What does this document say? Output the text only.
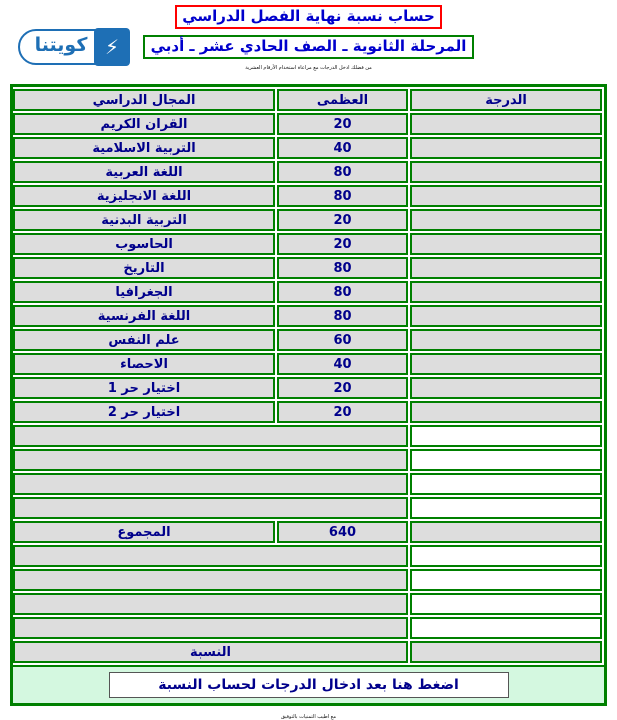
كويتنا ⚡
حساب نسبة نهاية الفصل الدراسي
المرحلة الثانوية ـ الصف الحادي عشر ـ أدبي
من فضلك ادخل الدرجات مع مراعاة استخدام الأرقام العشرية
الدرجة	العظمى	المجال الدراسي
	20	القران الكريم
	40	التربية الاسلامية
	80	اللغة العربية
	80	اللغة الانجليزية
	20	التربية البدنية
	20	الحاسوب
	80	التاريخ
	80	الجغرافيا
	80	اللغة الفرنسية
	60	علم النفس
	40	الاحصاء
	20	اختيار حر 1
	20	اختيار حر 2

	640	المجموع

	النسبة	
اضغط هنا بعد ادخال الدرجات لحساب النسبة
مع اطيب التمنيات بالتوفيق
